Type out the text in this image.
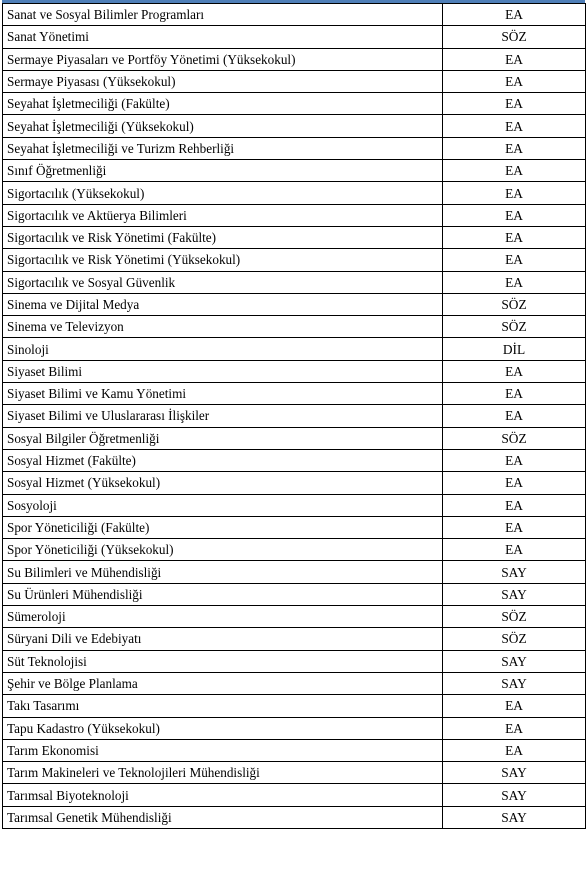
Sanat ve Sosyal Bilimler Programları	EA
Sanat Yönetimi	SÖZ
Sermaye Piyasaları ve Portföy Yönetimi (Yüksekokul)	EA
Sermaye Piyasası (Yüksekokul)	EA
Seyahat İşletmeciliği (Fakülte)	EA
Seyahat İşletmeciliği (Yüksekokul)	EA
Seyahat İşletmeciliği ve Turizm Rehberliği	EA
Sınıf Öğretmenliği	EA
Sigortacılık (Yüksekokul)	EA
Sigortacılık ve Aktüerya Bilimleri	EA
Sigortacılık ve Risk Yönetimi (Fakülte)	EA
Sigortacılık ve Risk Yönetimi (Yüksekokul)	EA
Sigortacılık ve Sosyal Güvenlik	EA
Sinema ve Dijital Medya	SÖZ
Sinema ve Televizyon	SÖZ
Sinoloji	DİL
Siyaset Bilimi	EA
Siyaset Bilimi ve Kamu Yönetimi	EA
Siyaset Bilimi ve Uluslararası İlişkiler	EA
Sosyal Bilgiler Öğretmenliği	SÖZ
Sosyal Hizmet (Fakülte)	EA
Sosyal Hizmet (Yüksekokul)	EA
Sosyoloji	EA
Spor Yöneticiliği (Fakülte)	EA
Spor Yöneticiliği (Yüksekokul)	EA
Su Bilimleri ve Mühendisliği	SAY
Su Ürünleri Mühendisliği	SAY
Sümeroloji	SÖZ
Süryani Dili ve Edebiyatı	SÖZ
Süt Teknolojisi	SAY
Şehir ve Bölge Planlama	SAY
Takı Tasarımı	EA
Tapu Kadastro (Yüksekokul)	EA
Tarım Ekonomisi	EA
Tarım Makineleri ve Teknolojileri Mühendisliği	SAY
Tarımsal Biyoteknoloji	SAY
Tarımsal Genetik Mühendisliği	SAY
